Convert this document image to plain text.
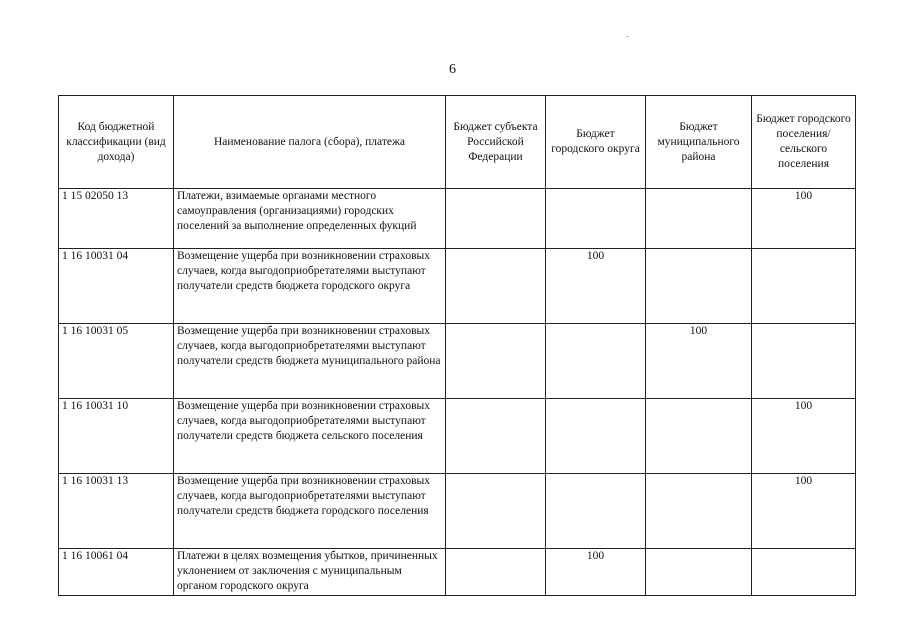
6
Код бюджетной классификации (вид дохода)	Наименование палога (сбора), платежа	Бюджет субъекта Российской Федерации	Бюджет городского округа	Бюджет муниципального района	Бюджет городского поселения/ сельского поселения
1 15 02050 13	Платежи, взимаемые органами местного самоуправления (организациями) городских поселений за выполнение определенных фукций				100
1 16 10031 04	Возмещение ущерба при возникновении страховых случаев, когда выгодоприобретателями выступают получатели средств бюджета городского округа		100		
1 16 10031 05	Возмещение ущерба при возникновении страховых случаев, когда выгодоприобретателями выступают получатели средств бюджета муниципального района			100	
1 16 10031 10	Возмещение ущерба при возникновении страховых случаев, когда выгодоприобретателями выступают получатели средств бюджета сельского поселения				100
1 16 10031 13	Возмещение ущерба при возникновении страховых случаев, когда выгодоприобретателями выступают получатели средств бюджета городского поселения				100
1 16 10061 04	Платежи в целях возмещения убытков, причиненных уклонением от заключения с муниципальным органом городского округа		100		
